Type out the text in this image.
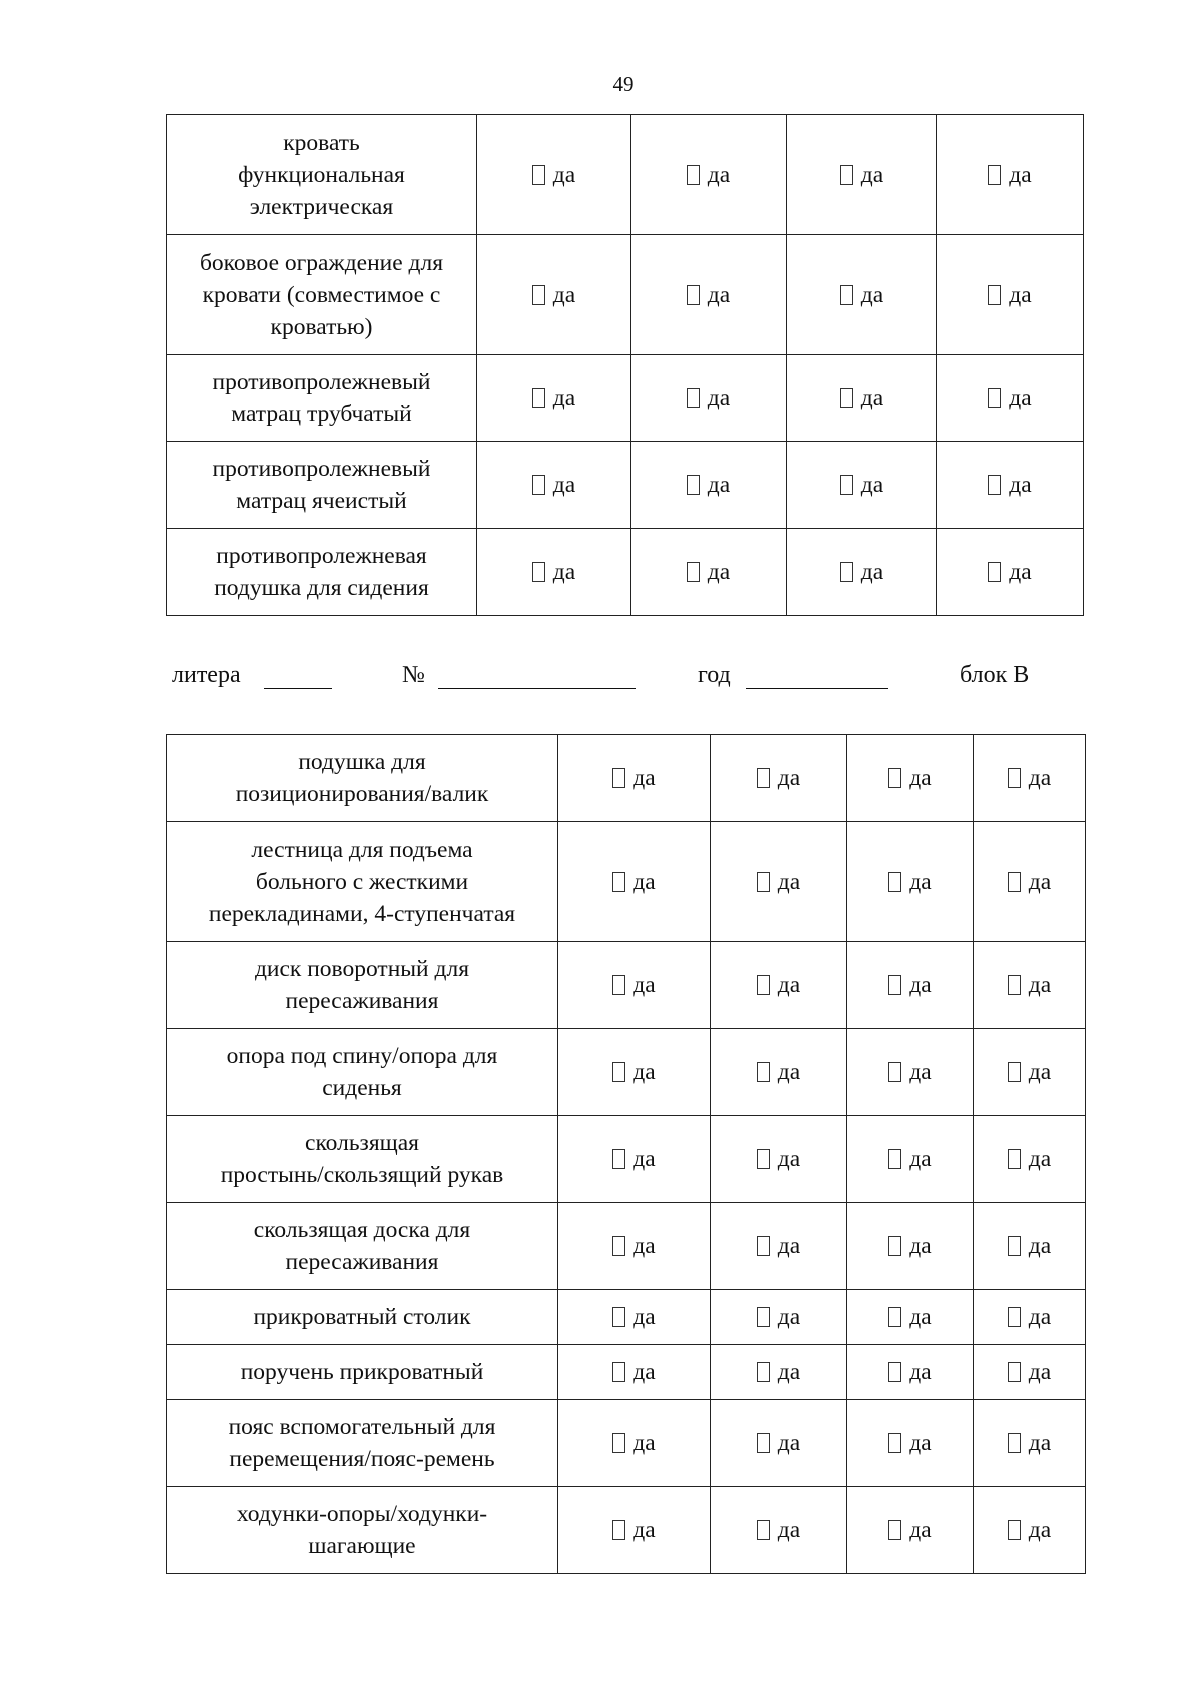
49
кровать
функциональная
электрическая	да	да	да	да
боковое ограждение для
кровати (совместимое с
кроватью)	да	да	да	да
противопролежневый
матрац трубчатый	да	да	да	да
противопролежневый
матрац ячеистый	да	да	да	да
противопролежневая
подушка для сидения	да	да	да	да
литера	№	год	блок В
подушка для
позиционирования/валик	да	да	да	да
лестница для подъема
больного с жесткими
перекладинами, 4-ступенчатая	да	да	да	да
диск поворотный для
пересаживания	да	да	да	да
опора под спину/опора для
сиденья	да	да	да	да
скользящая
простынь/скользящий рукав	да	да	да	да
скользящая доска для
пересаживания	да	да	да	да
прикроватный столик	да	да	да	да
поручень прикроватный	да	да	да	да
пояс вспомогательный для
перемещения/пояс-ремень	да	да	да	да
ходунки-опоры/ходунки-
шагающие	да	да	да	да
